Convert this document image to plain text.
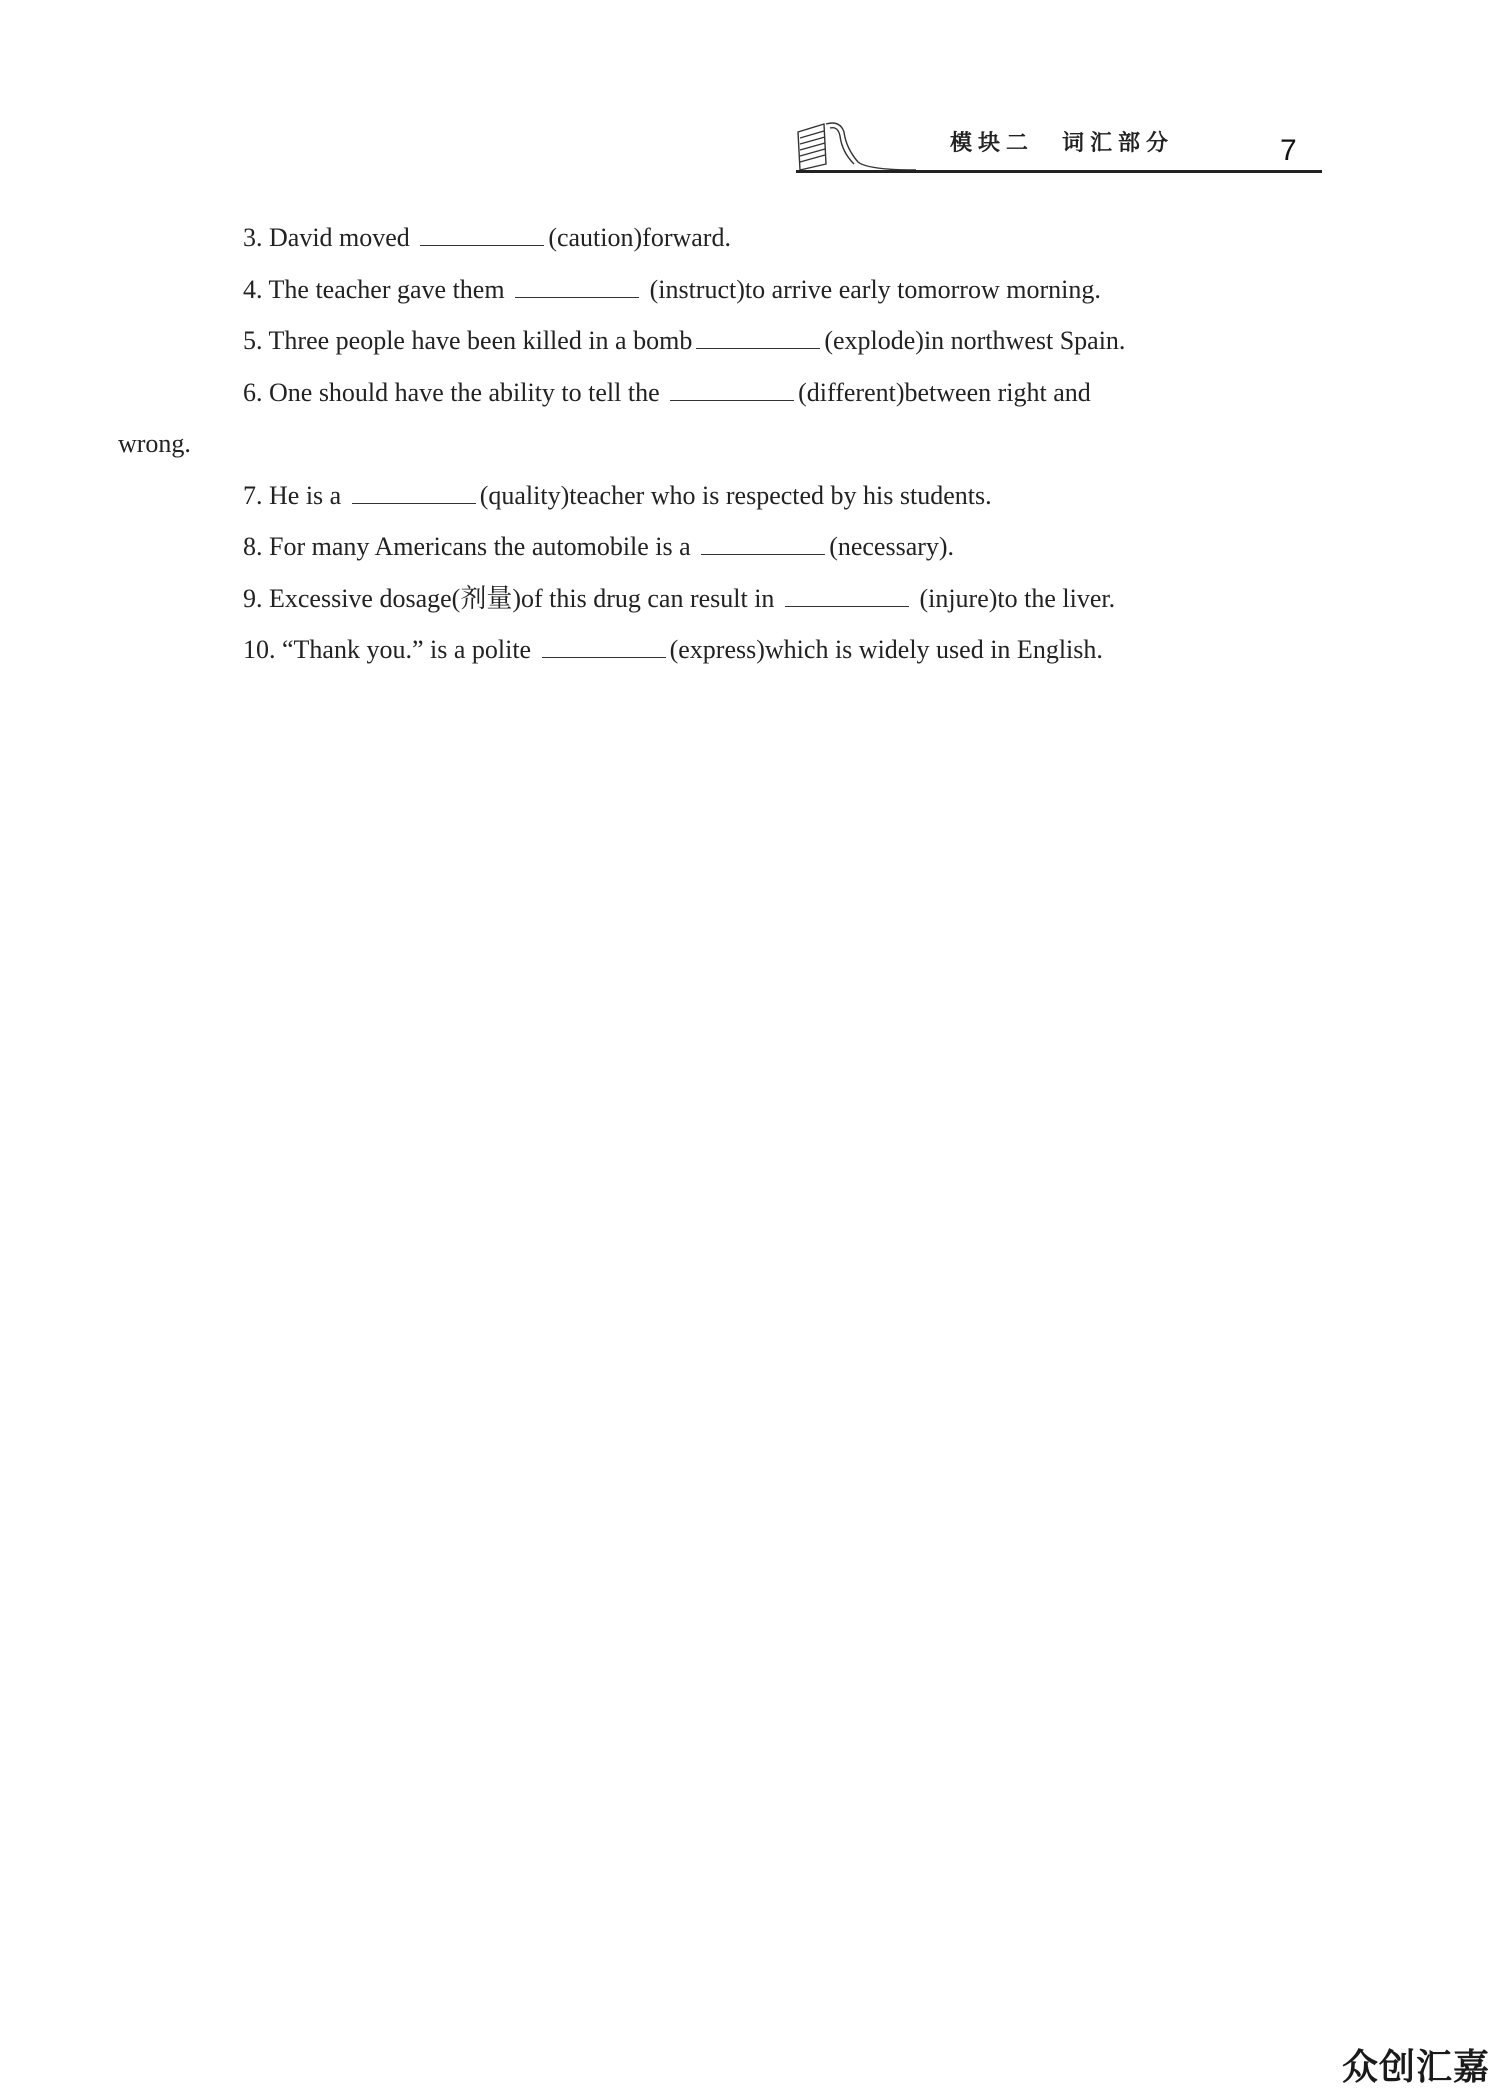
模块二　词汇部分	7
3. David moved	(caution)forward.
4. The teacher gave them	(instruct)to arrive early tomorrow morning.
5. Three people have been killed in a bomb	(explode)in northwest Spain.
6. One should have the ability to tell the	(different)between right and
wrong.
7. He is a	(quality)teacher who is respected by his students.
8. For many Americans the automobile is a	(necessary).
9. Excessive dosage(剂量)of this drug can result in	(injure)to the liver.
10. “Thank you.” is a polite	(express)which is widely used in English.
众创汇嘉
